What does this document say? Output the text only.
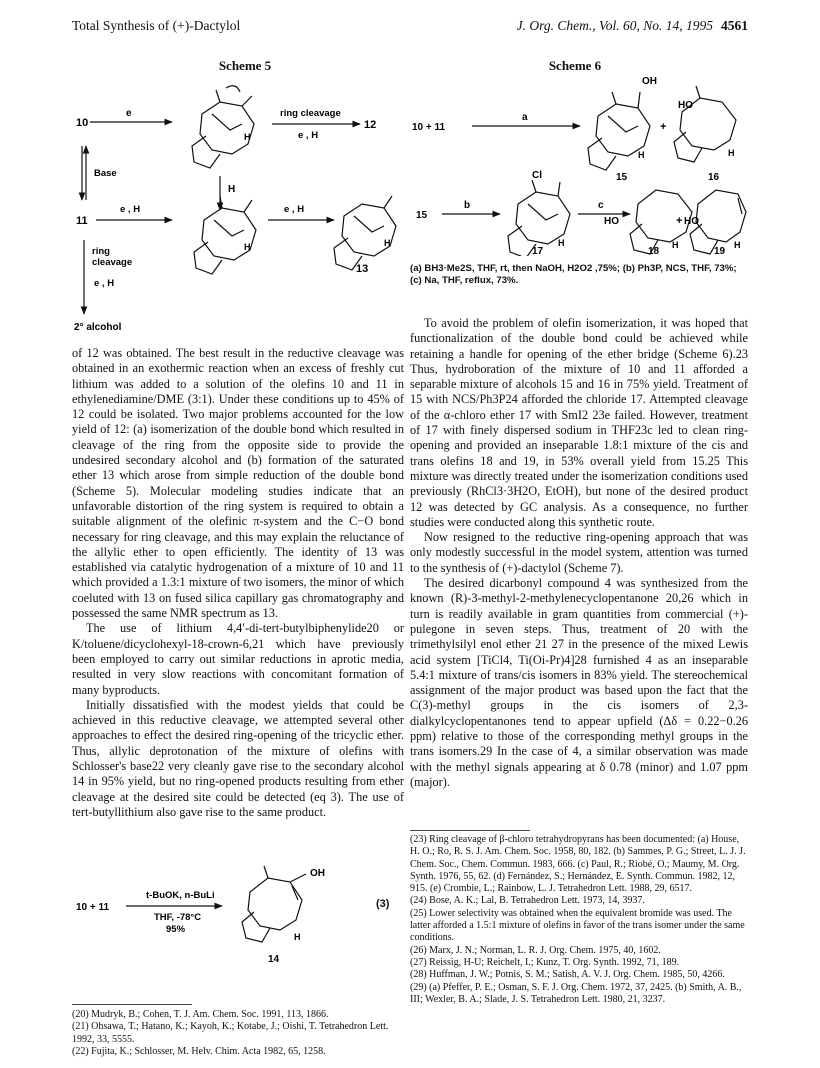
Total Synthesis of (+)-Dactylol	J. Org. Chem., Vol. 60, No. 14, 1995 4561
Scheme 5
10
e	ring cleavage
e , H
12
H
Base
11
e , H	e , H
H
H	H
13
ring
cleavage
e , H
2° alcohol
Scheme 6
10 + 11
a
OH
+
HO
H	H
15	16
15
b
Cl
H
c
HO	+ HO
H	H
17	18	19
(a) BH3·Me2S, THF, rt, then NaOH, H2O2 ,75%; (b) Ph3P, NCS, THF, 73%; (c) Na, THF, reflux, 73%.

of 12 was obtained. The best result in the reductive cleavage was obtained in an exothermic reaction when an excess of freshly cut lithium was added to a solution of the olefins 10 and 11 in ethylenediamine/DME (3:1). Under these conditions up to 45% of 12 could be isolated. Two major problems accounted for the low yield of 12: (a) isomerization of the double bond which resulted in cleavage of the ring from the opposite side to provide the undesired secondary alcohol and (b) formation of the saturated ether 13 which arose from simple reduction of the double bond (Scheme 5). Molecular modeling studies indicate that an unfavorable distortion of the ring system is required to obtain a suitable alignment of the olefinic π-system and the C−O bond necessary for ring cleavage, and this may explain the reluctance of the allylic ether to open efficiently. The identity of 13 was established via catalytic hydrogenation of a mixture of 10 and 11 which provided a 1.3:1 mixture of two isomers, the minor of which coeluted with 13 on fused silica capillary gas chromatography and possessed the same NMR spectrum as 13.

The use of lithium 4,4′-di-tert-butylbiphenylide20 or K/toluene/dicyclohexyl-18-crown-6,21 which have previously been employed to carry out similar reductions in aprotic media, resulted in very slow reactions with concomitant formation of many byproducts.

Initially dissatisfied with the modest yields that could be achieved in this reductive cleavage, we attempted several other approaches to effect the desired ring-opening of the tricyclic ether. Thus, allylic deprotonation of the mixture of olefins with Schlosser's base22 very cleanly gave rise to the secondary alcohol 14 in 95% yield, but no ring-opened products resulting from ether cleavage at the desired site could be detected (eq 3). The use of tert-butyllithium also gave rise to the same product.

10 + 11
t-BuOK, n-BuLi
THF, -78°C
95%
OH
H
14
(3)

(20) Mudryk, B.; Cohen, T. J. Am. Chem. Soc. 1991, 113, 1866.

(21) Ohsawa, T.; Hatano, K.; Kayoh, K.; Kotabe, J.; Oishi, T. Tetrahedron Lett. 1992, 33, 5555.

(22) Fujita, K.; Schlosser, M. Helv. Chim. Acta 1982, 65, 1258.

To avoid the problem of olefin isomerization, it was hoped that functionalization of the double bond could be achieved while retaining a handle for opening of the ether bridge (Scheme 6).23 Thus, hydroboration of the mixture of 10 and 11 afforded a separable mixture of alcohols 15 and 16 in 75% yield. Treatment of 15 with NCS/Ph3P24 afforded the chloride 17. Attempted cleavage of the α-chloro ether 17 with SmI2 23e failed. However, treatment of 17 with finely dispersed sodium in THF23c led to clean ring-opening and provided an inseparable 1.8:1 mixture of the cis and trans olefins 18 and 19, in 53% overall yield from 15.25 This mixture was directly treated under the isomerization conditions used previously (RhCl3·3H2O, EtOH), but none of the desired product 12 was detected by GC analysis. As a consequence, no further studies were conducted along this synthetic route.

Now resigned to the reductive ring-opening approach that was only modestly successful in the model system, attention was turned to the synthesis of (+)-dactylol (Scheme 7).

The desired dicarbonyl compound 4 was synthesized from the known (R)-3-methyl-2-methylenecyclopentanone 20,26 which in turn is readily available in gram quantities from commercial (+)-pulegone in seven steps. Thus, treatment of 20 with the trimethylsilyl enol ether 21 27 in the presence of the mixed Lewis acid system [TiCl4, Ti(Oi-Pr)4]28 furnished 4 as an inseparable 5.4:1 mixture of trans/cis isomers in 83% yield. The stereochemical assignment of the major product was based upon the fact that the C(3)-methyl groups in the cis isomers of 2,3-dialkylcyclopentanones tend to appear upfield (Δδ = 0.22−0.26 ppm) relative to those of the corresponding methyl groups in the trans isomers.29 In the case of 4, a similar observation was made with the methyl signals appearing at δ 0.78 (minor) and 1.07 ppm (major).

(23) Ring cleavage of β-chloro tetrahydropyrans has been documented: (a) House, H. O.; Ro, R. S. J. Am. Chem. Soc. 1958, 80, 182. (b) Sammes, P. G.; Street, L. J. J. Chem. Soc., Chem. Commun. 1983, 666. (c) Paul, R.; Riobé, O.; Maumy, M. Org. Synth. 1976, 55, 62. (d) Fernández, S.; Hernández, E. Synth. Commun. 1982, 12, 915. (e) Crombie, L.; Rainbow, L. J. Tetrahedron Lett. 1988, 29, 6517.

(24) Bose, A. K.; Lal, B. Tetrahedron Lett. 1973, 14, 3937.

(25) Lower selectivity was obtained when the equivalent bromide was used. The latter afforded a 1.5:1 mixture of olefins in favor of the trans isomer under the same conditions.

(26) Marx, J. N.; Norman, L. R. J. Org. Chem. 1975, 40, 1602.

(27) Reissig, H-U; Reichelt, I.; Kunz, T. Org. Synth. 1992, 71, 189.

(28) Huffman, J. W.; Potnis, S. M.; Satish, A. V. J. Org. Chem. 1985, 50, 4266.

(29) (a) Pfeffer, P. E.; Osman, S. F. J. Org. Chem. 1972, 37, 2425. (b) Smith, A. B., III; Wexler, B. A.; Slade, J. S. Tetrahedron Lett. 1980, 21, 3237.
